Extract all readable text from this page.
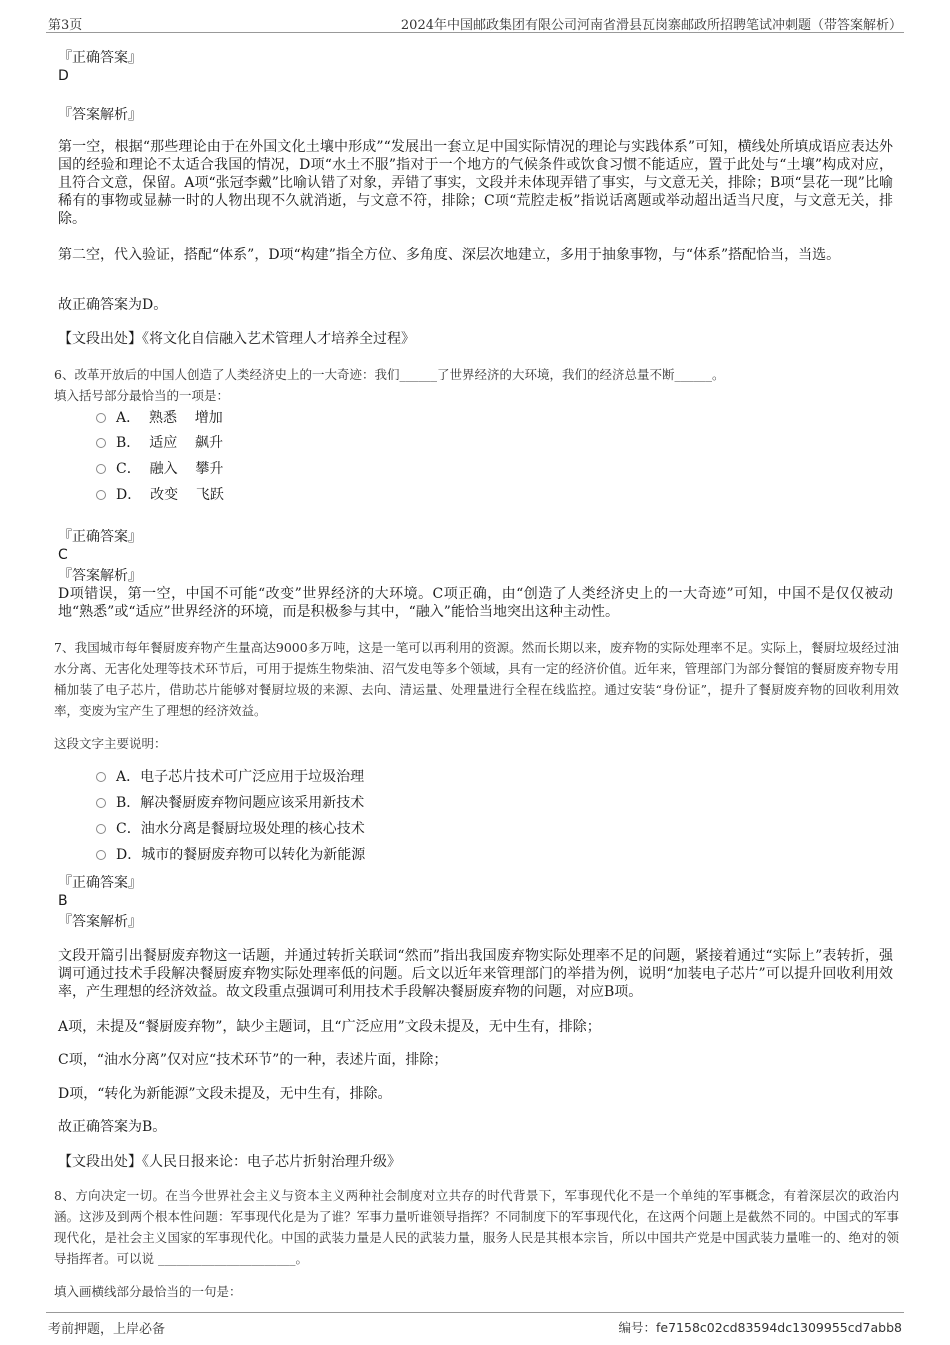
第3页	2024年中国邮政集团有限公司河南省滑县瓦岗寨邮政所招聘笔试冲刺题（带答案解析）
『正确答案』
D
『答案解析』
第一空，根据“那些理论由于在外国文化土壤中形成”“发展出一套立足中国实际情况的理论与实践体系”可知，横线处所填成语应表达外国的经验和理论不太适合我国的情况，D项“水土不服”指对于一个地方的气候条件或饮食习惯不能适应，置于此处与“土壤”构成对应，且符合文意，保留。A项“张冠李戴”比喻认错了对象，弄错了事实，文段并未体现弄错了事实，与文意无关，排除；B项“昙花一现”比喻稀有的事物或显赫一时的人物出现不久就消逝，与文意不符，排除；C项“荒腔走板”指说话离题或举动超出适当尺度，与文意无关，排除。
第二空，代入验证，搭配“体系”，D项“构建”指全方位、多角度、深层次地建立，多用于抽象事物，与“体系”搭配恰当，当选。
故正确答案为D。
【文段出处】《将文化自信融入艺术管理人才培养全过程》
6、改革开放后的中国人创造了人类经济史上的一大奇迹：我们______了世界经济的大环境，我们的经济总量不断______。
填入括号部分最恰当的一项是：
A．  熟悉    增加
B．  适应    飙升
C．  融入    攀升
D．  改变    飞跃
『正确答案』
C
『答案解析』
D项错误，第一空，中国不可能“改变”世界经济的大环境。C项正确，由“创造了人类经济史上的一大奇迹”可知，中国不是仅仅被动地“熟悉”或“适应”世界经济的环境，而是积极参与其中，“融入”能恰当地突出这种主动性。
7、我国城市每年餐厨废弃物产生量高达9000多万吨，这是一笔可以再利用的资源。然而长期以来，废弃物的实际处理率不足。实际上，餐厨垃圾经过油水分离、无害化处理等技术环节后，可用于提炼生物柴油、沼气发电等多个领域，具有一定的经济价值。近年来，管理部门为部分餐馆的餐厨废弃物专用桶加装了电子芯片，借助芯片能够对餐厨垃圾的来源、去向、清运量、处理量进行全程在线监控。通过安装“身份证”，提升了餐厨废弃物的回收利用效率，变废为宝产生了理想的经济效益。
这段文字主要说明：
A．电子芯片技术可广泛应用于垃圾治理
B．解决餐厨废弃物问题应该采用新技术
C．油水分离是餐厨垃圾处理的核心技术
D．城市的餐厨废弃物可以转化为新能源
『正确答案』
B
『答案解析』
文段开篇引出餐厨废弃物这一话题，并通过转折关联词“然而”指出我国废弃物实际处理率不足的问题，紧接着通过“实际上”表转折，强调可通过技术手段解决餐厨废弃物实际处理率低的问题。后文以近年来管理部门的举措为例，说明“加装电子芯片”可以提升回收利用效率，产生理想的经济效益。故文段重点强调可利用技术手段解决餐厨废弃物的问题，对应B项。
A项，未提及“餐厨废弃物”，缺少主题词，且“广泛应用”文段未提及，无中生有，排除；
C项，“油水分离”仅对应“技术环节”的一种，表述片面，排除；
D项，“转化为新能源”文段未提及，无中生有，排除。
故正确答案为B。
【文段出处】《人民日报来论：电子芯片折射治理升级》
8、方向决定一切。在当今世界社会主义与资本主义两种社会制度对立共存的时代背景下，军事现代化不是一个单纯的军事概念，有着深层次的政治内涵。这涉及到两个根本性问题：军事现代化是为了谁？军事力量听谁领导指挥？不同制度下的军事现代化，在这两个问题上是截然不同的。中国式的军事现代化，是社会主义国家的军事现代化。中国的武装力量是人民的武装力量，服务人民是其根本宗旨，所以中国共产党是中国武装力量唯一的、绝对的领导指挥者。可以说 ______________________。
填入画横线部分最恰当的一句是：
考前押题，上岸必备	编号：fe7158c02cd83594dc1309955cd7abb8
